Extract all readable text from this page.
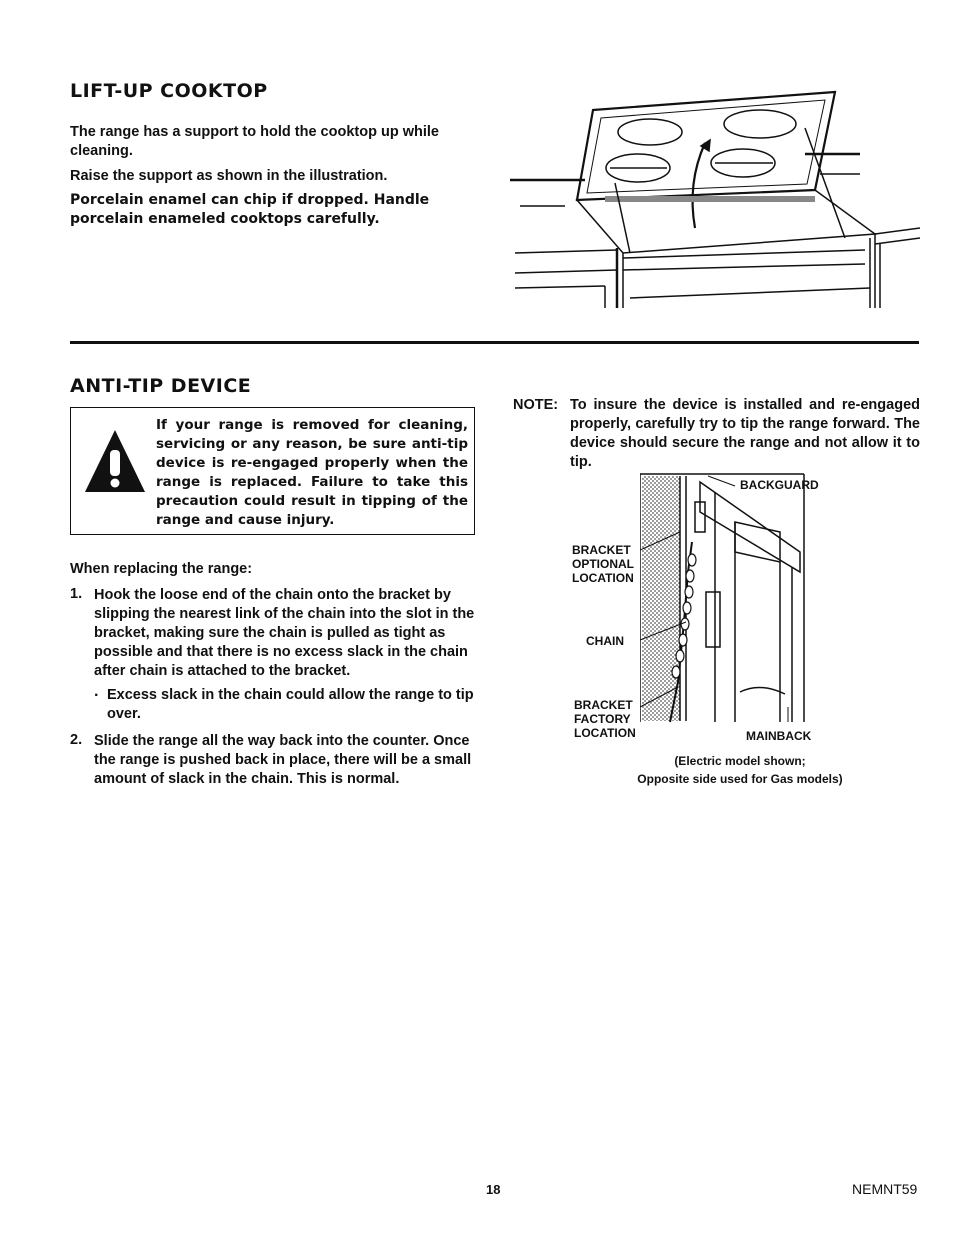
LIFT-UP COOKTOP

The range has a support to hold the cooktop up while cleaning.

Raise the support as shown in the illustration.

Porcelain enamel can chip if dropped. Handle porcelain enameled cooktops carefully.

ANTI-TIP DEVICE
If your range is removed for cleaning, servicing or any reason, be sure anti-tip device is re-engaged properly when the range is replaced. Failure to take this precaution could result in tipping of the range and cause injury.
When replacing the range:
1. Hook the loose end of the chain onto the bracket by slipping the nearest link of the chain into the slot in the bracket, making sure the chain is pulled as tight as possible and that there is no excess slack in the chain after chain is attached to the bracket.
· Excess slack in the chain could allow the range to tip over.
2. Slide the range all the way back into the counter. Once the range is pushed back in place, there will be a small amount of slack in the chain. This is normal.
NOTE: To insure the device is installed and re-engaged properly, carefully try to tip the range forward. The device should secure the range and not allow it to tip.
BACKGUARD
BRACKET
OPTIONAL
LOCATION
CHAIN
BRACKET
FACTORY
LOCATION	MAINBACK
(Electric model shown;
Opposite side used for Gas models)
18	NEMNT59
